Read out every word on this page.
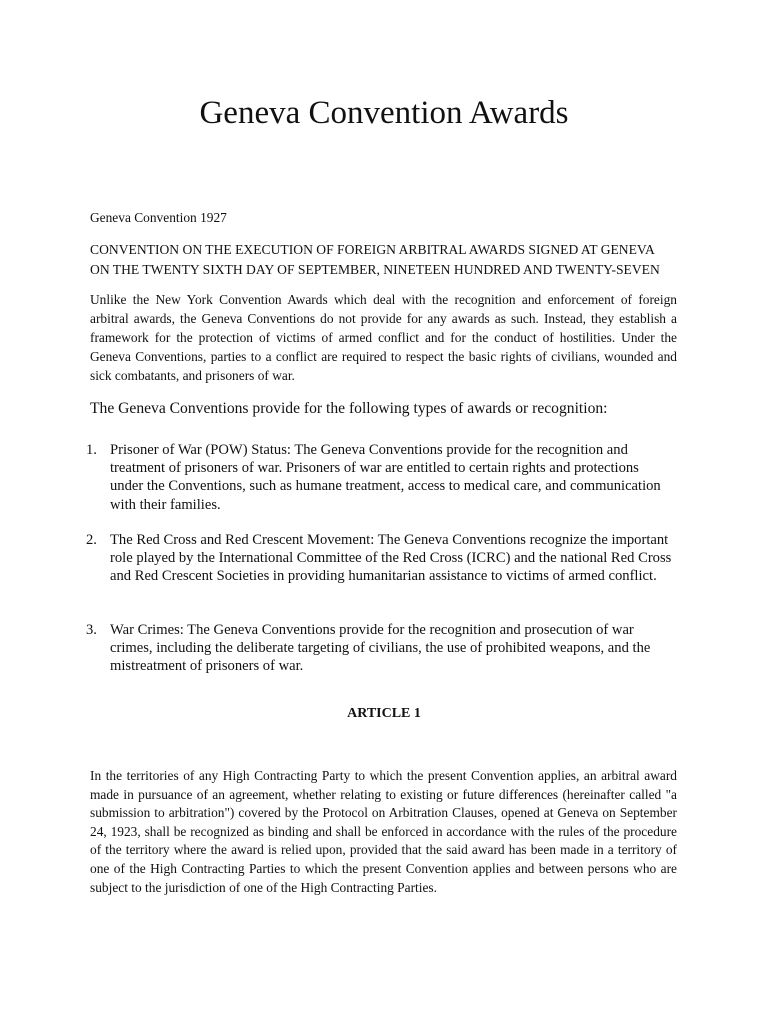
Geneva Convention Awards

Geneva Convention 1927

CONVENTION ON THE EXECUTION OF FOREIGN ARBITRAL AWARDS SIGNED AT GENEVA ON THE TWENTY SIXTH DAY OF SEPTEMBER, NINETEEN HUNDRED AND TWENTY-SEVEN

Unlike the New York Convention Awards which deal with the recognition and enforcement of foreign arbitral awards, the Geneva Conventions do not provide for any awards as such. Instead, they establish a framework for the protection of victims of armed conflict and for the conduct of hostilities. Under the Geneva Conventions, parties to a conflict are required to respect the basic rights of civilians, wounded and sick combatants, and prisoners of war.

The Geneva Conventions provide for the following types of awards or recognition:

1. Prisoner of War (POW) Status: The Geneva Conventions provide for the recognition and treatment of prisoners of war. Prisoners of war are entitled to certain rights and protections under the Conventions, such as humane treatment, access to medical care, and communication with their families.
2. The Red Cross and Red Crescent Movement: The Geneva Conventions recognize the important role played by the International Committee of the Red Cross (ICRC) and the national Red Cross and Red Crescent Societies in providing humanitarian assistance to victims of armed conflict.
3. War Crimes: The Geneva Conventions provide for the recognition and prosecution of war crimes, including the deliberate targeting of civilians, the use of prohibited weapons, and the mistreatment of prisoners of war.
ARTICLE 1

In the territories of any High Contracting Party to which the present Convention applies, an arbitral award made in pursuance of an agreement, whether relating to existing or future differences (hereinafter called "a submission to arbitration") covered by the Protocol on Arbitration Clauses, opened at Geneva on September 24, 1923, shall be recognized as binding and shall be enforced in accordance with the rules of the procedure of the territory where the award is relied upon, provided that the said award has been made in a territory of one of the High Contracting Parties to which the present Convention applies and between persons who are subject to the jurisdiction of one of the High Contracting Parties.
